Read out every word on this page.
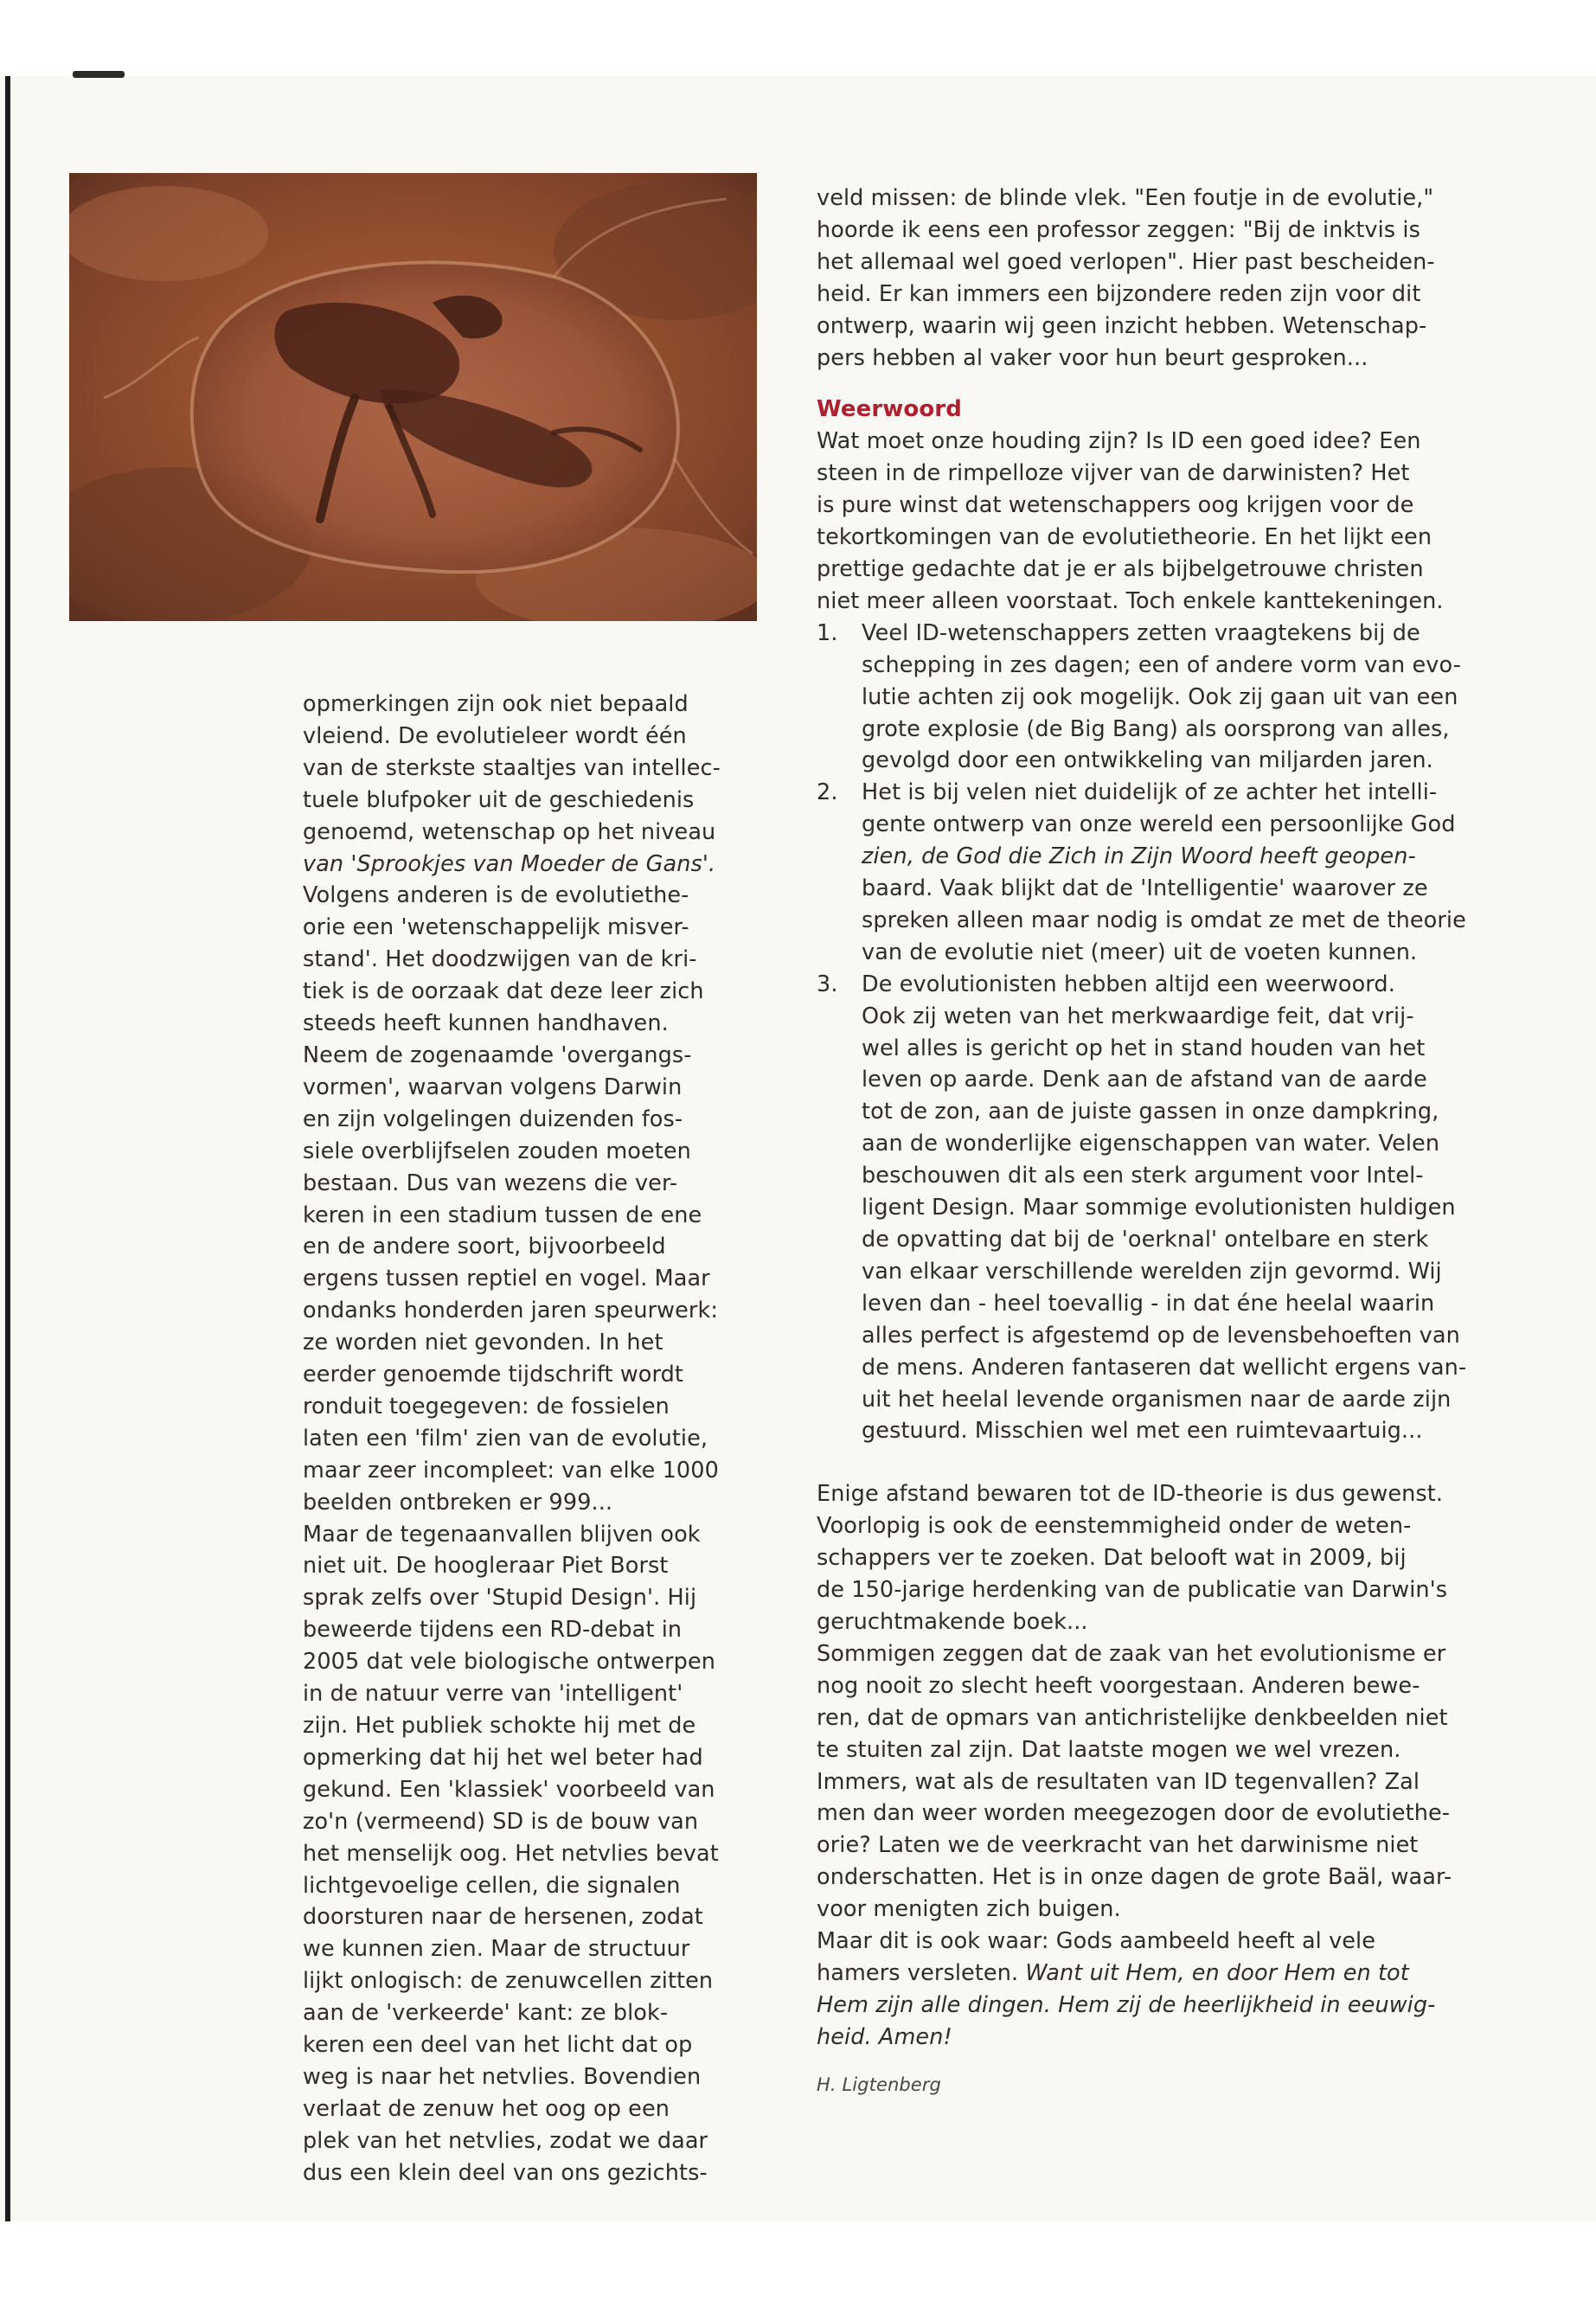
opmerkingen zijn ook niet bepaald

vleiend. De evolutieleer wordt één

van de sterkste staaltjes van intellec-

tuele blufpoker uit de geschiedenis

genoemd, wetenschap op het niveau

van 'Sprookjes van Moeder de Gans'.

Volgens anderen is de evolutiethe-

orie een 'wetenschappelijk misver-

stand'. Het doodzwijgen van de kri-

tiek is de oorzaak dat deze leer zich

steeds heeft kunnen handhaven.

Neem de zogenaamde 'overgangs-

vormen', waarvan volgens Darwin

en zijn volgelingen duizenden fos-

siele overblijfselen zouden moeten

bestaan. Dus van wezens die ver-

keren in een stadium tussen de ene

en de andere soort, bijvoorbeeld

ergens tussen reptiel en vogel. Maar

ondanks honderden jaren speurwerk:

ze worden niet gevonden. In het

eerder genoemde tijdschrift wordt

ronduit toegegeven: de fossielen

laten een 'film' zien van de evolutie,

maar zeer incompleet: van elke 1000

beelden ontbreken er 999...

Maar de tegenaanvallen blijven ook

niet uit. De hoogleraar Piet Borst

sprak zelfs over 'Stupid Design'. Hij

beweerde tijdens een RD-debat in

2005 dat vele biologische ontwerpen

in de natuur verre van 'intelligent'

zijn. Het publiek schokte hij met de

opmerking dat hij het wel beter had

gekund. Een 'klassiek' voorbeeld van

zo'n (vermeend) SD is de bouw van

het menselijk oog. Het netvlies bevat

lichtgevoelige cellen, die signalen

doorsturen naar de hersenen, zodat

we kunnen zien. Maar de structuur

lijkt onlogisch: de zenuwcellen zitten

aan de 'verkeerde' kant: ze blok-

keren een deel van het licht dat op

weg is naar het netvlies. Bovendien

verlaat de zenuw het oog op een

plek van het netvlies, zodat we daar

dus een klein deel van ons gezichts-

veld missen: de blinde vlek. "Een foutje in de evolutie,"

hoorde ik eens een professor zeggen: "Bij de inktvis is

het allemaal wel goed verlopen". Hier past bescheiden-

heid. Er kan immers een bijzondere reden zijn voor dit

ontwerp, waarin wij geen inzicht hebben. Wetenschap-

pers hebben al vaker voor hun beurt gesproken...

Weerwoord

Wat moet onze houding zijn? Is ID een goed idee? Een

steen in de rimpelloze vijver van de darwinisten? Het

is pure winst dat wetenschappers oog krijgen voor de

tekortkomingen van de evolutietheorie. En het lijkt een

prettige gedachte dat je er als bijbelgetrouwe christen

niet meer alleen voorstaat. Toch enkele kanttekeningen.

1. Veel ID-wetenschappers zetten vraagtekens bij de

schepping in zes dagen; een of andere vorm van evo-

lutie achten zij ook mogelijk. Ook zij gaan uit van een

grote explosie (de Big Bang) als oorsprong van alles,

gevolgd door een ontwikkeling van miljarden jaren.

2. Het is bij velen niet duidelijk of ze achter het intelli-

gente ontwerp van onze wereld een persoonlijke God

zien, de God die Zich in Zijn Woord heeft geopen-

baard. Vaak blijkt dat de 'Intelligentie' waarover ze

spreken alleen maar nodig is omdat ze met de theorie

van de evolutie niet (meer) uit de voeten kunnen.

3. De evolutionisten hebben altijd een weerwoord.

Ook zij weten van het merkwaardige feit, dat vrij-

wel alles is gericht op het in stand houden van het

leven op aarde. Denk aan de afstand van de aarde

tot de zon, aan de juiste gassen in onze dampkring,

aan de wonderlijke eigenschappen van water. Velen

beschouwen dit als een sterk argument voor Intel-

ligent Design. Maar sommige evolutionisten huldigen

de opvatting dat bij de 'oerknal' ontelbare en sterk

van elkaar verschillende werelden zijn gevormd. Wij

leven dan - heel toevallig - in dat éne heelal waarin

alles perfect is afgestemd op de levensbehoeften van

de mens. Anderen fantaseren dat wellicht ergens van-

uit het heelal levende organismen naar de aarde zijn

gestuurd. Misschien wel met een ruimtevaartuig...

Enige afstand bewaren tot de ID-theorie is dus gewenst.

Voorlopig is ook de eenstemmigheid onder de weten-

schappers ver te zoeken. Dat belooft wat in 2009, bij

de 150-jarige herdenking van de publicatie van Darwin's

geruchtmakende boek...

Sommigen zeggen dat de zaak van het evolutionisme er

nog nooit zo slecht heeft voorgestaan. Anderen bewe-

ren, dat de opmars van antichristelijke denkbeelden niet

te stuiten zal zijn. Dat laatste mogen we wel vrezen.

Immers, wat als de resultaten van ID tegenvallen? Zal

men dan weer worden meegezogen door de evolutiethe-

orie? Laten we de veerkracht van het darwinisme niet

onderschatten. Het is in onze dagen de grote Baäl, waar-

voor menigten zich buigen.

Maar dit is ook waar: Gods aambeeld heeft al vele

hamers versleten. Want uit Hem, en door Hem en tot

Hem zijn alle dingen. Hem zij de heerlijkheid in eeuwig-

heid. Amen!

H. Ligtenberg
